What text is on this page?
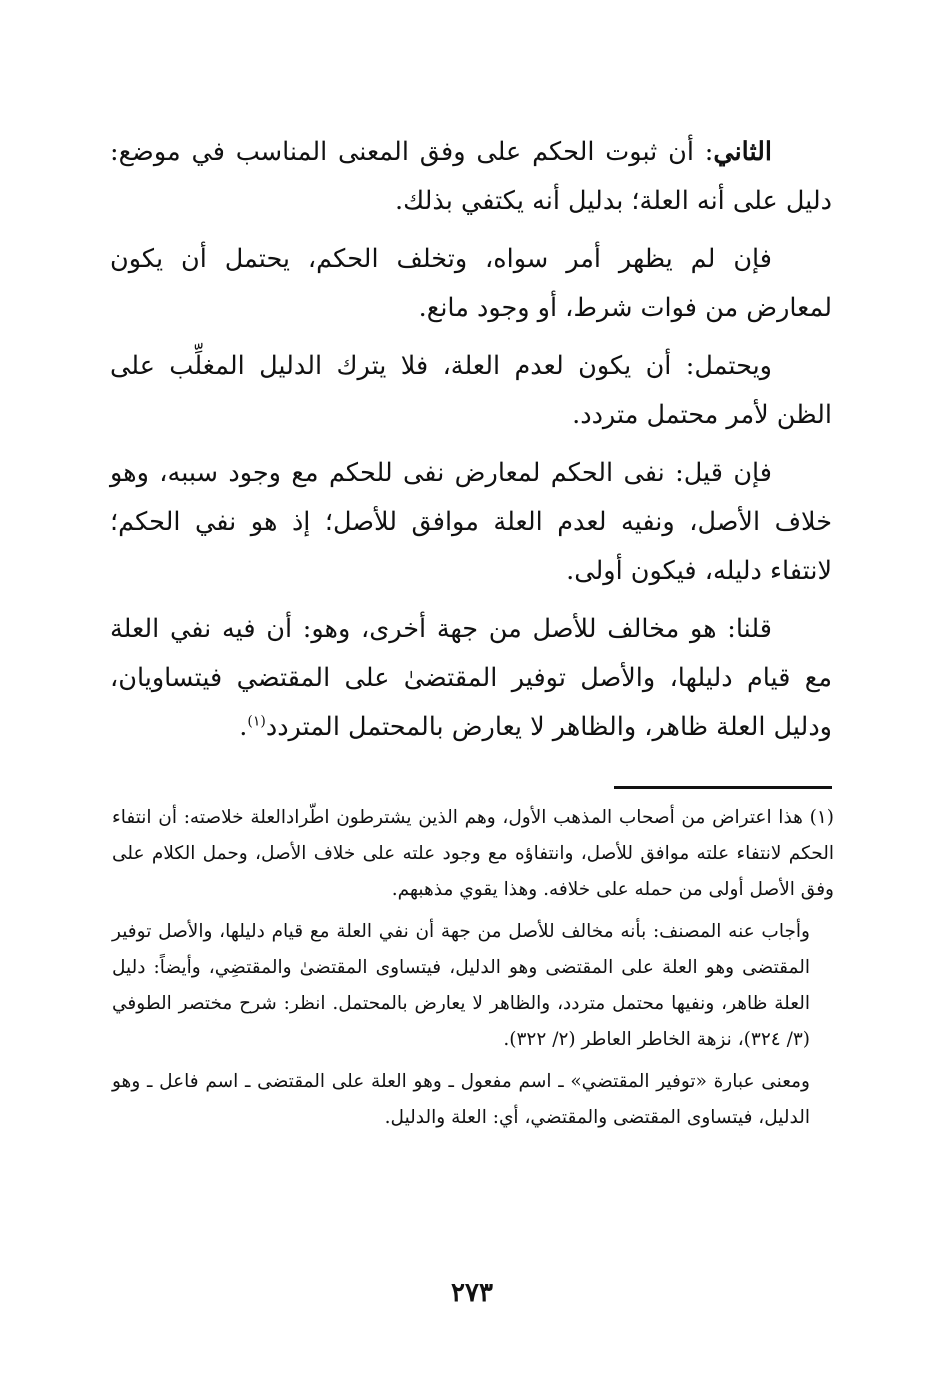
الثاني: أن ثبوت الحكم على وفق المعنى المناسب في موضع: دليل على أنه العلة؛ بدليل أنه يكتفي بذلك.

فإن لم يظهر أمر سواه، وتخلف الحكم، يحتمل أن يكون لمعارض من فوات شرط، أو وجود مانع.

ويحتمل: أن يكون لعدم العلة، فلا يترك الدليل المغلِّب على الظن لأمر محتمل متردد.

فإن قيل: نفى الحكم لمعارض نفى للحكم مع وجود سببه، وهو خلاف الأصل، ونفيه لعدم العلة موافق للأصل؛ إذ هو نفي الحكم؛ لانتفاء دليله، فيكون أولى.

قلنا: هو مخالف للأصل من جهة أخرى، وهو: أن فيه نفي العلة مع قيام دليلها، والأصل توفير المقتضىٰ على المقتضي فيتساويان، ودليل العلة ظاهر، والظاهر لا يعارض بالمحتمل المتردد$^{(١)}$.

(١) هذا اعتراض من أصحاب المذهب الأول، وهم الذين يشترطون اطّرادالعلة خلاصته: أن انتفاء الحكم لانتفاء علته موافق للأصل، وانتفاؤه مع وجود علته على خلاف الأصل، وحمل الكلام على وفق الأصل أولى من حمله على خلافه. وهذا يقوي مذهبهم.

وأجاب عنه المصنف: بأنه مخالف للأصل من جهة أن نفي العلة مع قيام دليلها، والأصل توفير المقتضى وهو العلة على المقتضى وهو الدليل، فيتساوى المقتضىٰ والمقتضِي، وأيضاً: دليل العلة ظاهر، ونفيها محتمل متردد، والظاهر لا يعارض بالمحتمل. انظر: شرح مختصر الطوفي (٣/ ٣٢٤)، نزهة الخاطر العاطر (٢/ ٣٢٢).

ومعنى عبارة «توفير المقتضي» ـ اسم مفعول ـ وهو العلة على المقتضى ـ اسم فاعل ـ وهو الدليل، فيتساوى المقتضى والمقتضي، أي: العلة والدليل.

٢٧٣
